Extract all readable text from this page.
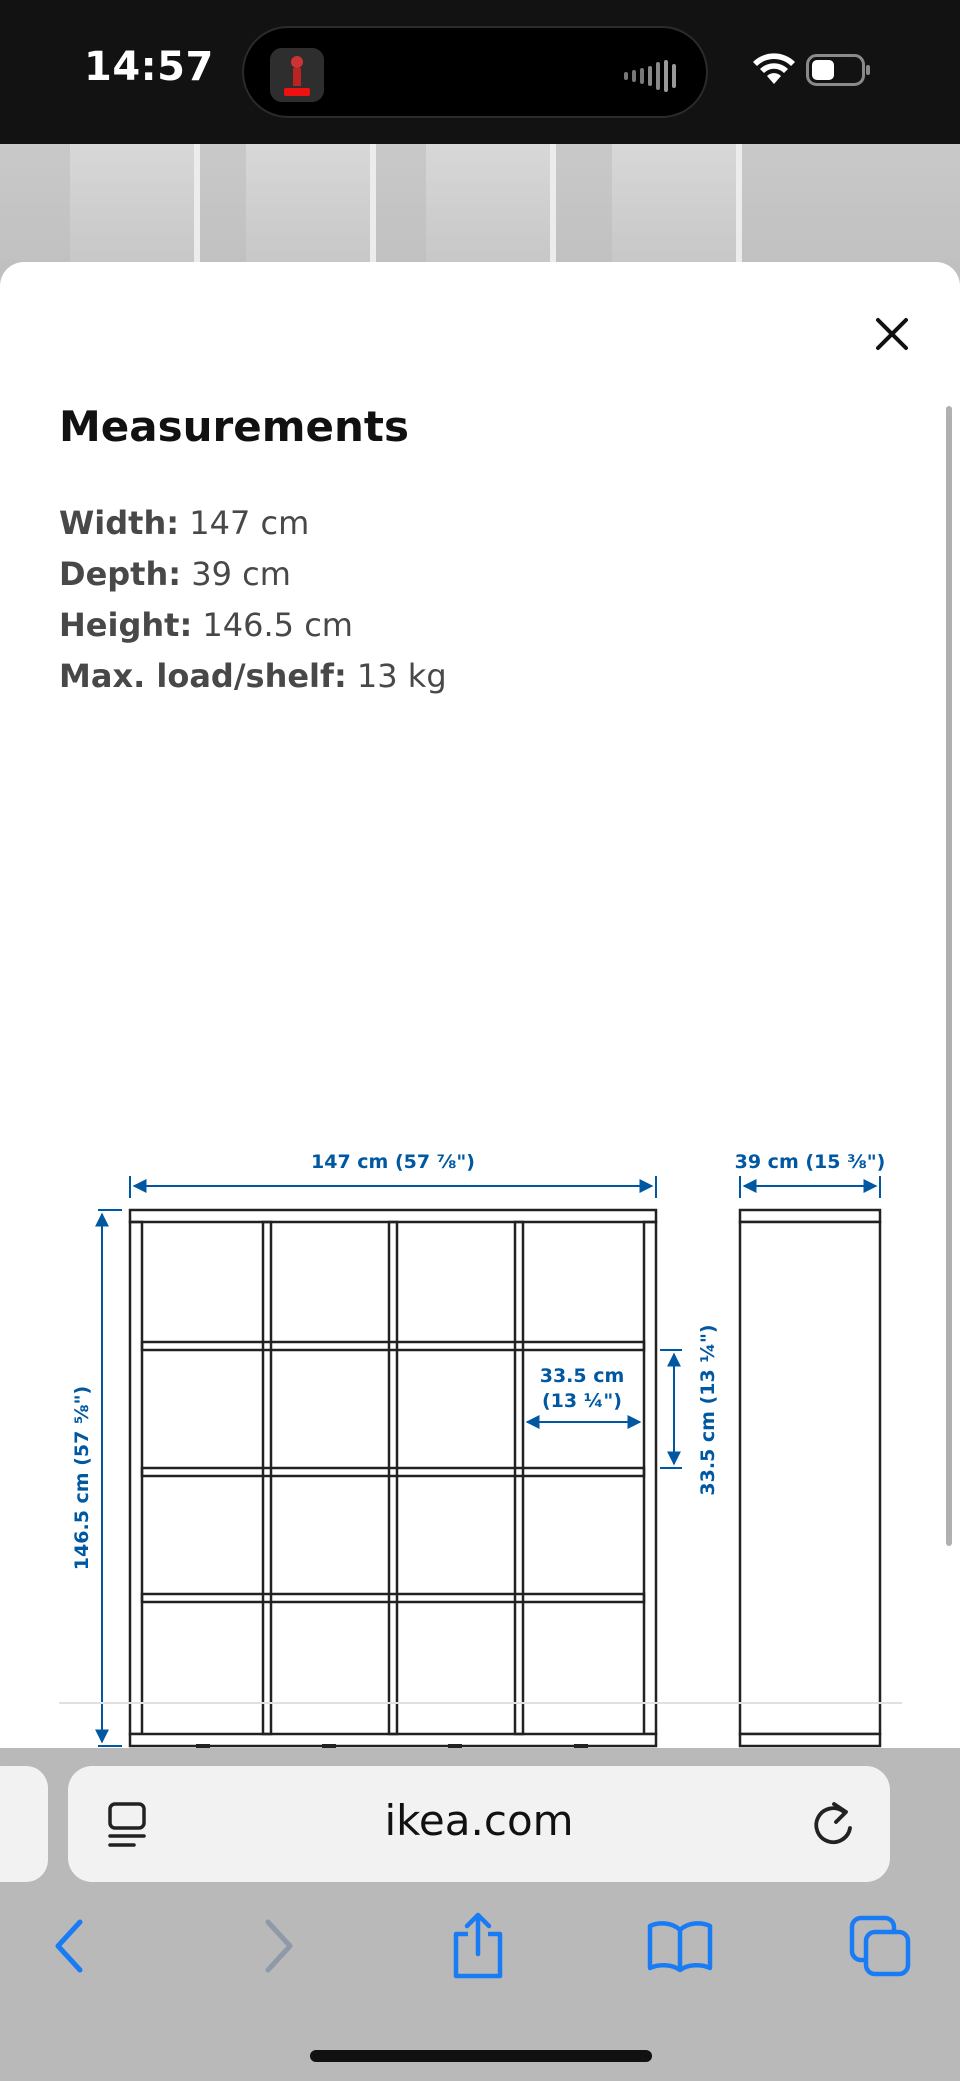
14:57
Measurements
Width: 147 cm
Depth: 39 cm
Height: 146.5 cm
Max. load/shelf: 13 kg
147 cm (57 ⅞")	39 cm (15 ⅜")
146.5 cm (57 ⅝")
33.5 cm
(13 ¼")	33.5 cm (13 ¼")
ikea.com
